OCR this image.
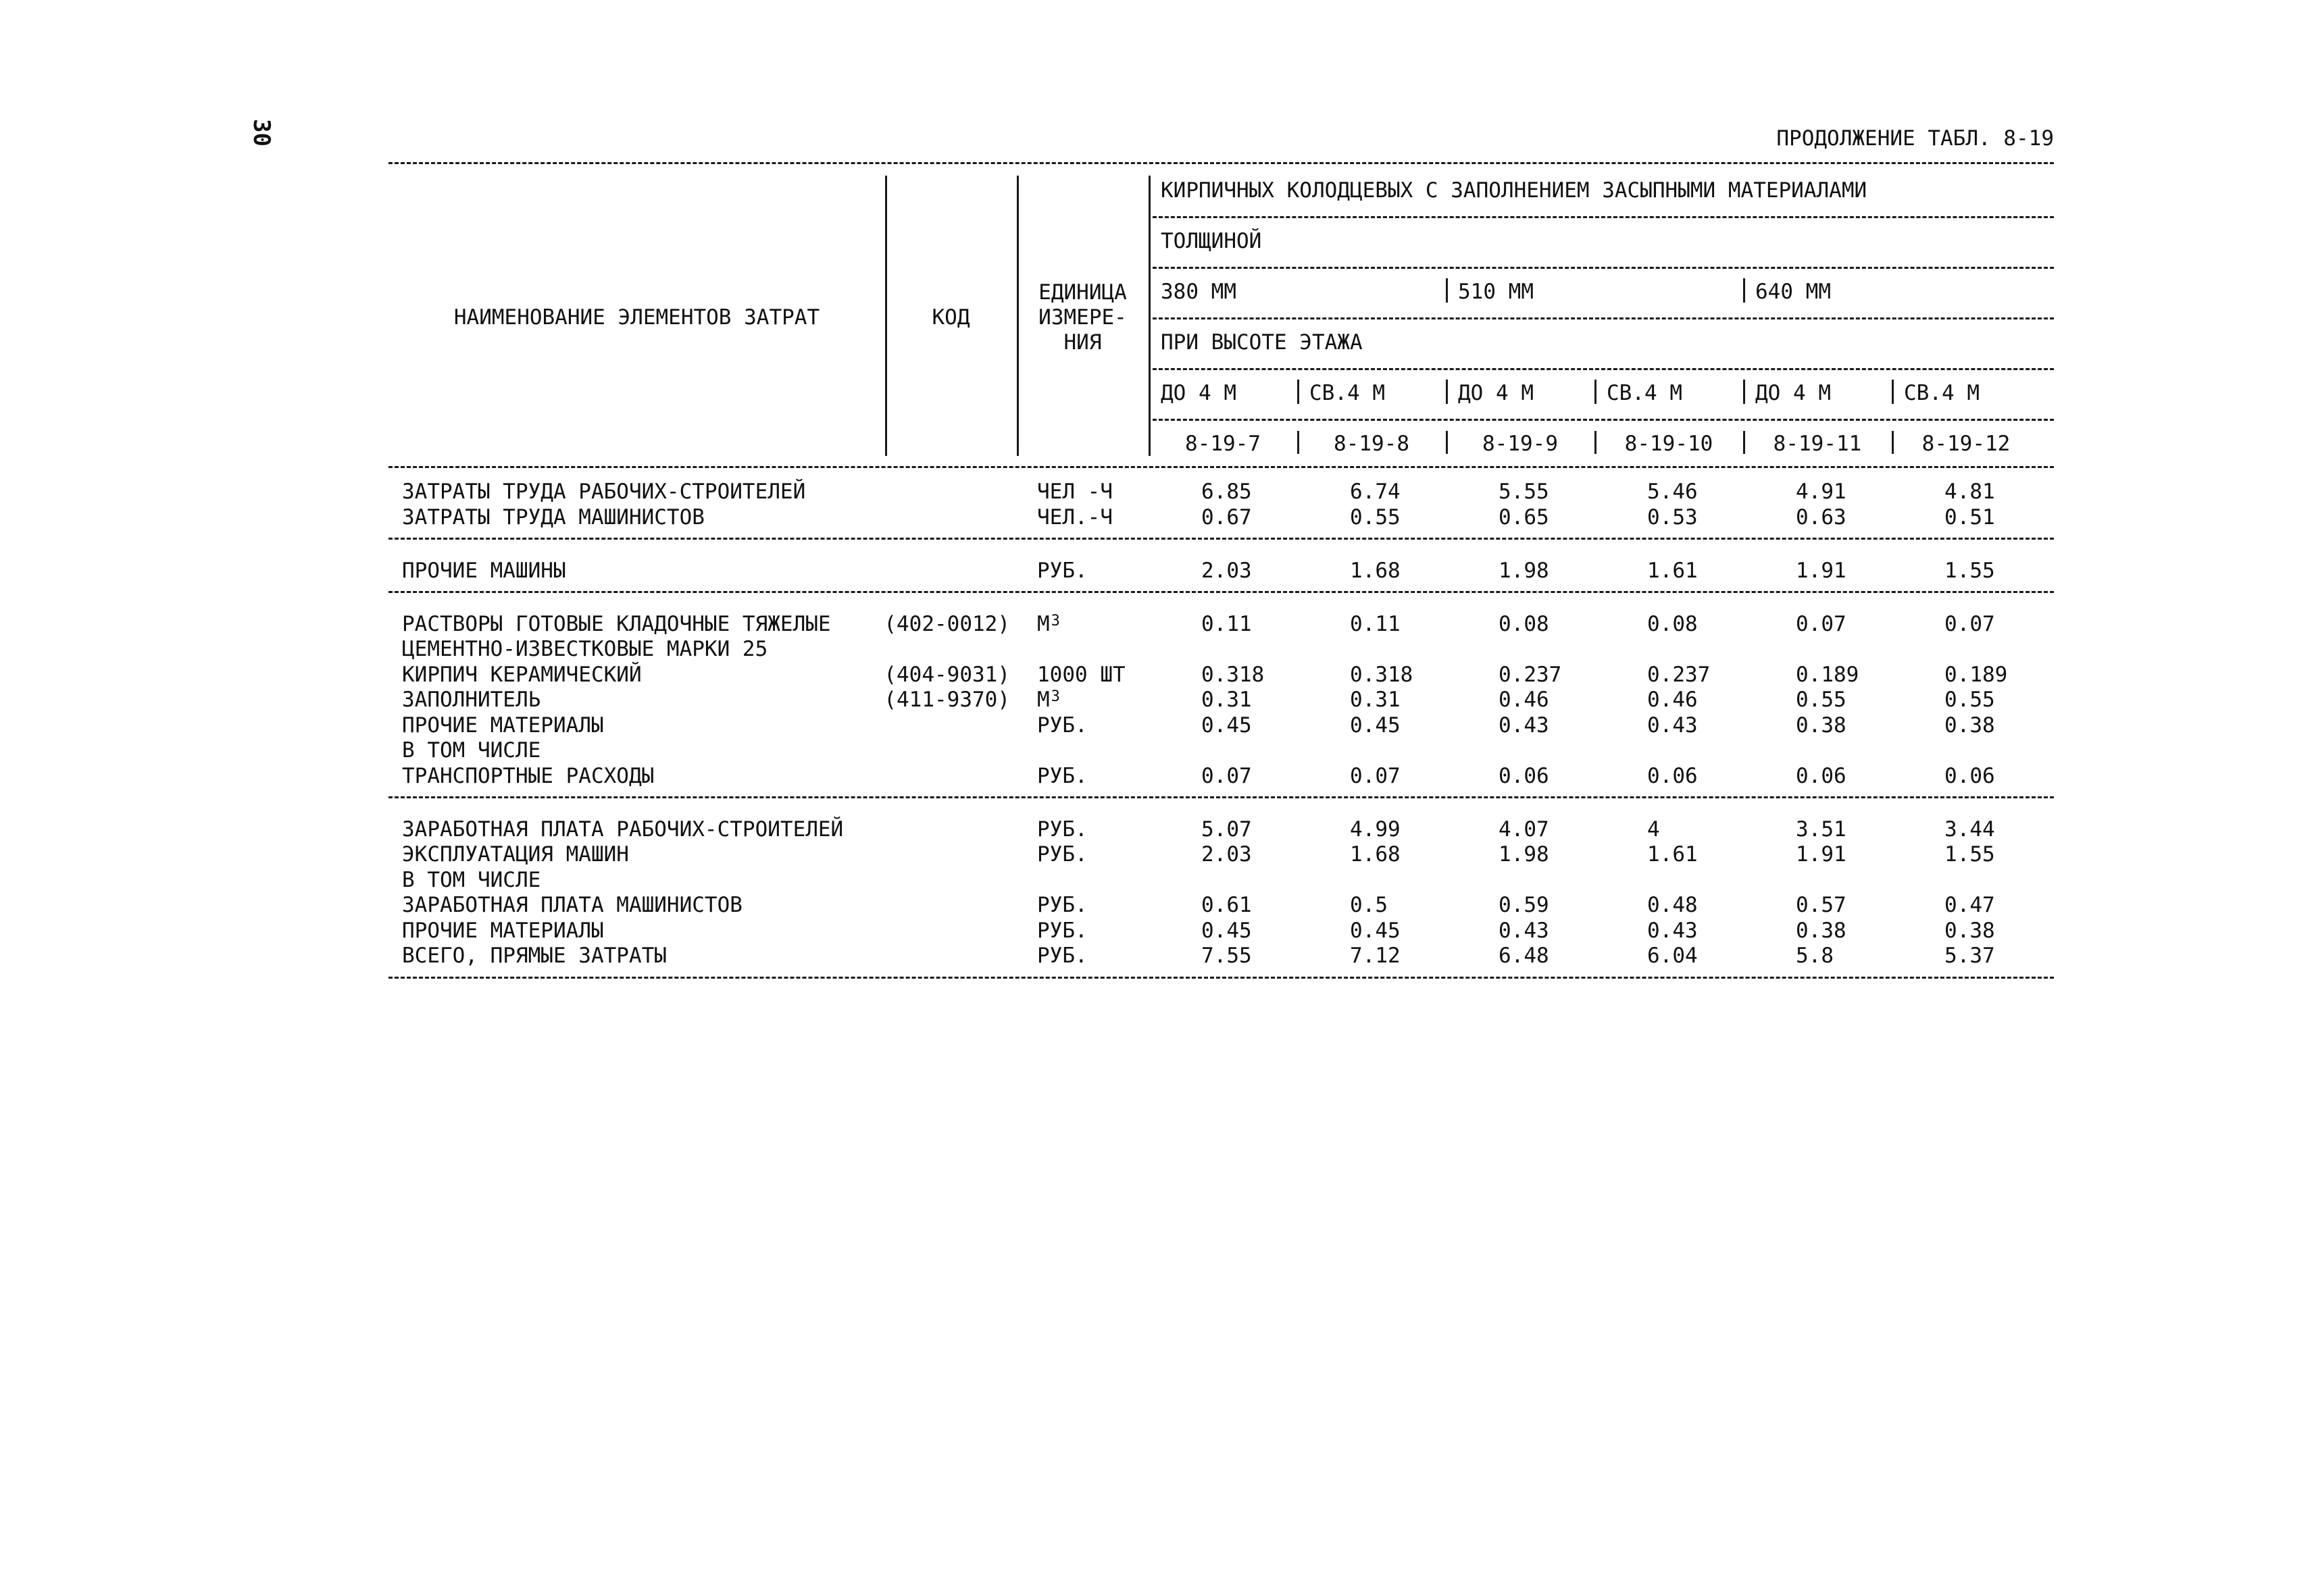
30	ПРОДОЛЖЕНИЕ ТАБЛ. 8-19
НАИМЕНОВАНИЕ ЭЛЕМЕНТОВ ЗАТРАТ	КОД
ЕДИНИЦА
ИЗМЕРЕ-
НИЯ
КИРПИЧНЫХ КОЛОДЦЕВЫХ С ЗАПОЛНЕНИЕМ ЗАСЫПНЫМИ МАТЕРИАЛАМИ
ТОЛЩИНОЙ
380 ММ	510 ММ	640 ММ
ПРИ ВЫСОТЕ ЭТАЖА
ДО 4 М	СВ.4 М	ДО 4 М	СВ.4 М	ДО 4 М	СВ.4 М
8-19-7	8-19-8	8-19-9	8-19-10	8-19-11	8-19-12
ЗАТРАТЫ ТРУДА РАБОЧИХ-СТРОИТЕЛЕЙ	ЧЕЛ -Ч	6.85	6.74	5.55	5.46	4.91	4.81
ЗАТРАТЫ ТРУДА МАШИНИСТОВ	ЧЕЛ.-Ч	0.67	0.55	0.65	0.53	0.63	0.51
ПРОЧИЕ МАШИНЫ	РУБ.	2.03	1.68	1.98	1.61	1.91	1.55
РАСТВОРЫ ГОТОВЫЕ КЛАДОЧНЫЕ ТЯЖЕЛЫЕ	(402-0012) $М^3$	0.11	0.11	0.08	0.08	0.07	0.07
ЦЕМЕНТНО-ИЗВЕСТКОВЫЕ МАРКИ 25
КИРПИЧ КЕРАМИЧЕСКИЙ	(404-9031) 1000 ШТ	0.318	0.318	0.237	0.237	0.189	0.189
ЗАПОЛНИТЕЛЬ	(411-9370) $М^3$	0.31	0.31	0.46	0.46	0.55	0.55
ПРОЧИЕ МАТЕРИАЛЫ	РУБ.	0.45	0.45	0.43	0.43	0.38	0.38
В ТОМ ЧИСЛЕ
ТРАНСПОРТНЫЕ РАСХОДЫ	РУБ.	0.07	0.07	0.06	0.06	0.06	0.06
ЗАРАБОТНАЯ ПЛАТА РАБОЧИХ-СТРОИТЕЛЕЙ	РУБ.	5.07	4.99	4.07	4	3.51	3.44
ЭКСПЛУАТАЦИЯ МАШИН	РУБ.	2.03	1.68	1.98	1.61	1.91	1.55
В ТОМ ЧИСЛЕ
ЗАРАБОТНАЯ ПЛАТА МАШИНИСТОВ	РУБ.	0.61	0.5	0.59	0.48	0.57	0.47
ПРОЧИЕ МАТЕРИАЛЫ	РУБ.	0.45	0.45	0.43	0.43	0.38	0.38
ВСЕГО, ПРЯМЫЕ ЗАТРАТЫ	РУБ.	7.55	7.12	6.48	6.04	5.8	5.37
